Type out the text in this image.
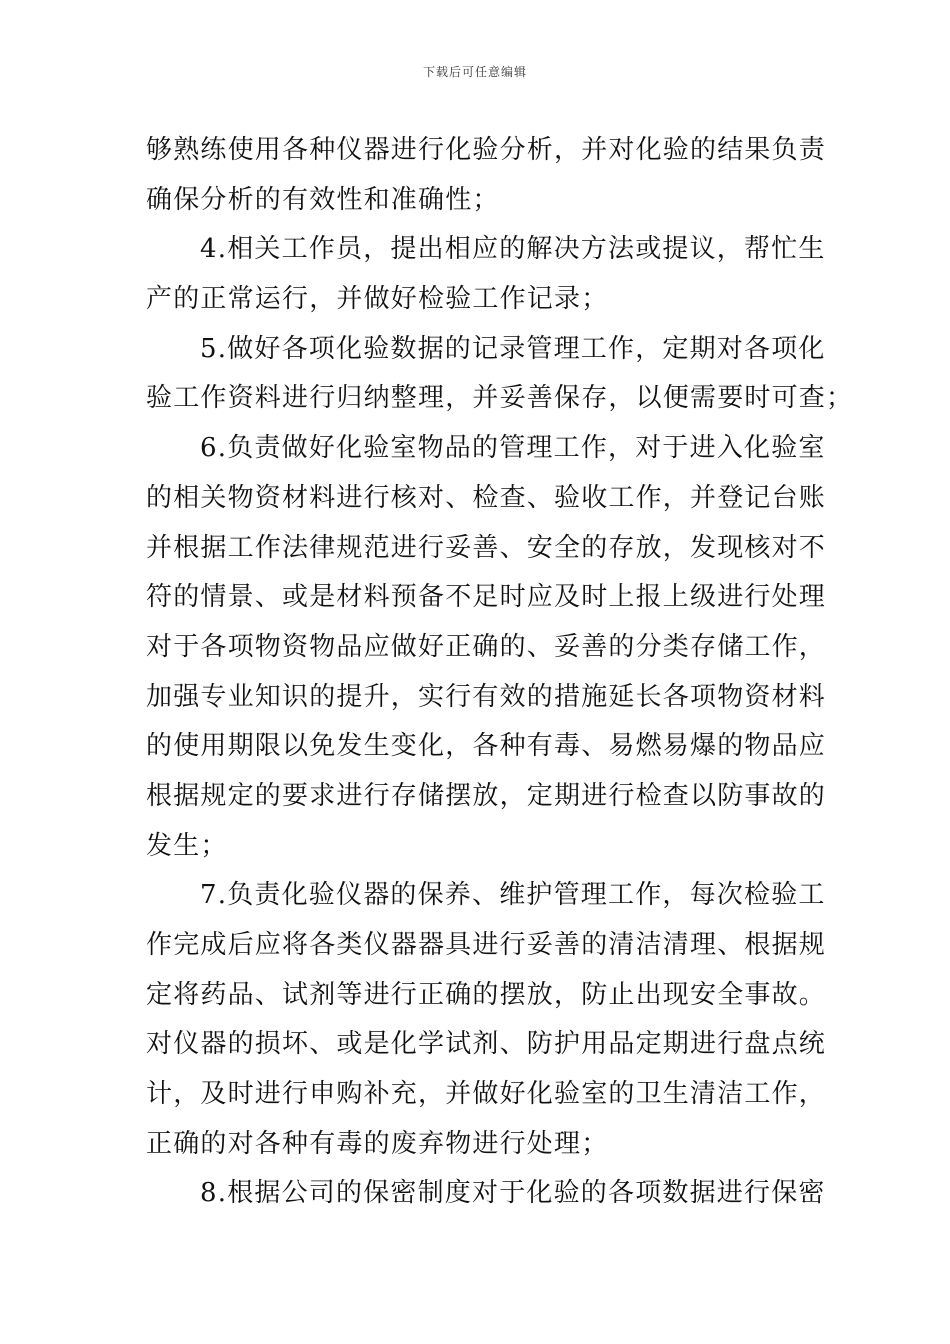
下载后可任意编辑
够熟练使用各种仪器进行化验分析，并对化验的结果负责
确保分析的有效性和准确性；
4.相关工作员，提出相应的解决方法或提议，帮忙生
产的正常运行，并做好检验工作记录；
5.做好各项化验数据的记录管理工作，定期对各项化
验工作资料进行归纳整理，并妥善保存，以便需要时可查；
6.负责做好化验室物品的管理工作，对于进入化验室
的相关物资材料进行核对、检查、验收工作，并登记台账
并根据工作法律规范进行妥善、安全的存放，发现核对不
符的情景、或是材料预备不足时应及时上报上级进行处理
对于各项物资物品应做好正确的、妥善的分类存储工作，
加强专业知识的提升，实行有效的措施延长各项物资材料
的使用期限以免发生变化，各种有毒、易燃易爆的物品应
根据规定的要求进行存储摆放，定期进行检查以防事故的
发生；
7.负责化验仪器的保养、维护管理工作，每次检验工
作完成后应将各类仪器器具进行妥善的清洁清理、根据规
定将药品、试剂等进行正确的摆放，防止出现安全事故。
对仪器的损坏、或是化学试剂、防护用品定期进行盘点统
计，及时进行申购补充，并做好化验室的卫生清洁工作，
正确的对各种有毒的废弃物进行处理；
8.根据公司的保密制度对于化验的各项数据进行保密
